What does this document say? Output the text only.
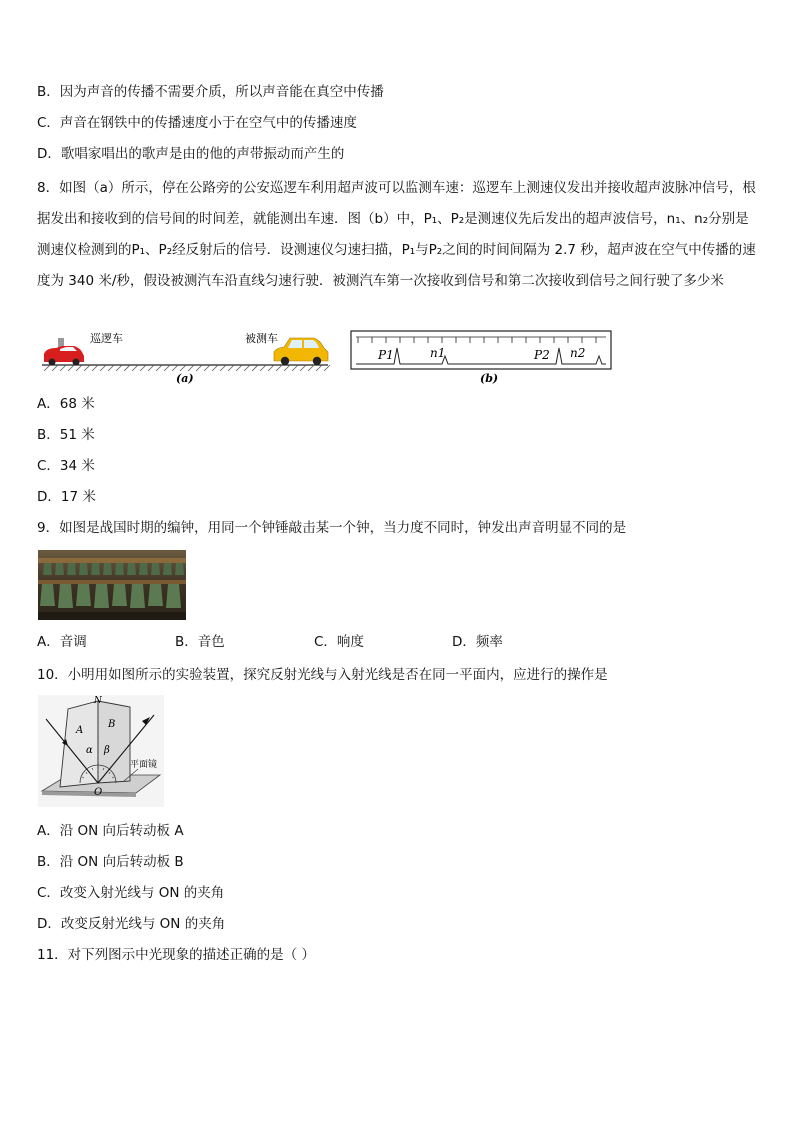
B．因为声音的传播不需要介质，所以声音能在真空中传播
C．声音在钢铁中的传播速度小于在空气中的传播速度
D．歌唱家唱出的歌声是由的他的声带振动而产生的
8．如图（a）所示，停在公路旁的公安巡逻车利用超声波可以监测车速：巡逻车上测速仪发出并接收超声波脉冲信号，根据发出和接收到的信号间的时间差，就能测出车速．图（b）中，P₁、P₂是测速仪先后发出的超声波信号，n₁、n₂分别是测速仪检测到的P₁、P₂经反射后的信号．设测速仪匀速扫描，P₁与P₂之间的时间间隔为 2.7 秒，超声波在空气中传播的速度为 340 米/秒，假设被测汽车沿直线匀速行驶．被测汽车第一次接收到信号和第二次接收到信号之间行驶了多少米
巡逻车	被测车
(a)
P1	n1	P2 n2
(b)
A．68 米
B．51 米
C．34 米
D．17 米
9．如图是战国时期的编钟，用同一个钟锤敲击某一个钟，当力度不同时，钟发出声音明显不同的是
A．音调	B．音色	C．响度	D．频率
10．小明用如图所示的实验装置，探究反射光线与入射光线是否在同一平面内，应进行的操作是
N
A
B
α β
O
平面镜
A．沿 ON 向后转动板 A
B．沿 ON 向后转动板 B
C．改变入射光线与 ON 的夹角
D．改变反射光线与 ON 的夹角
11．对下列图示中光现象的描述正确的是（ ）
